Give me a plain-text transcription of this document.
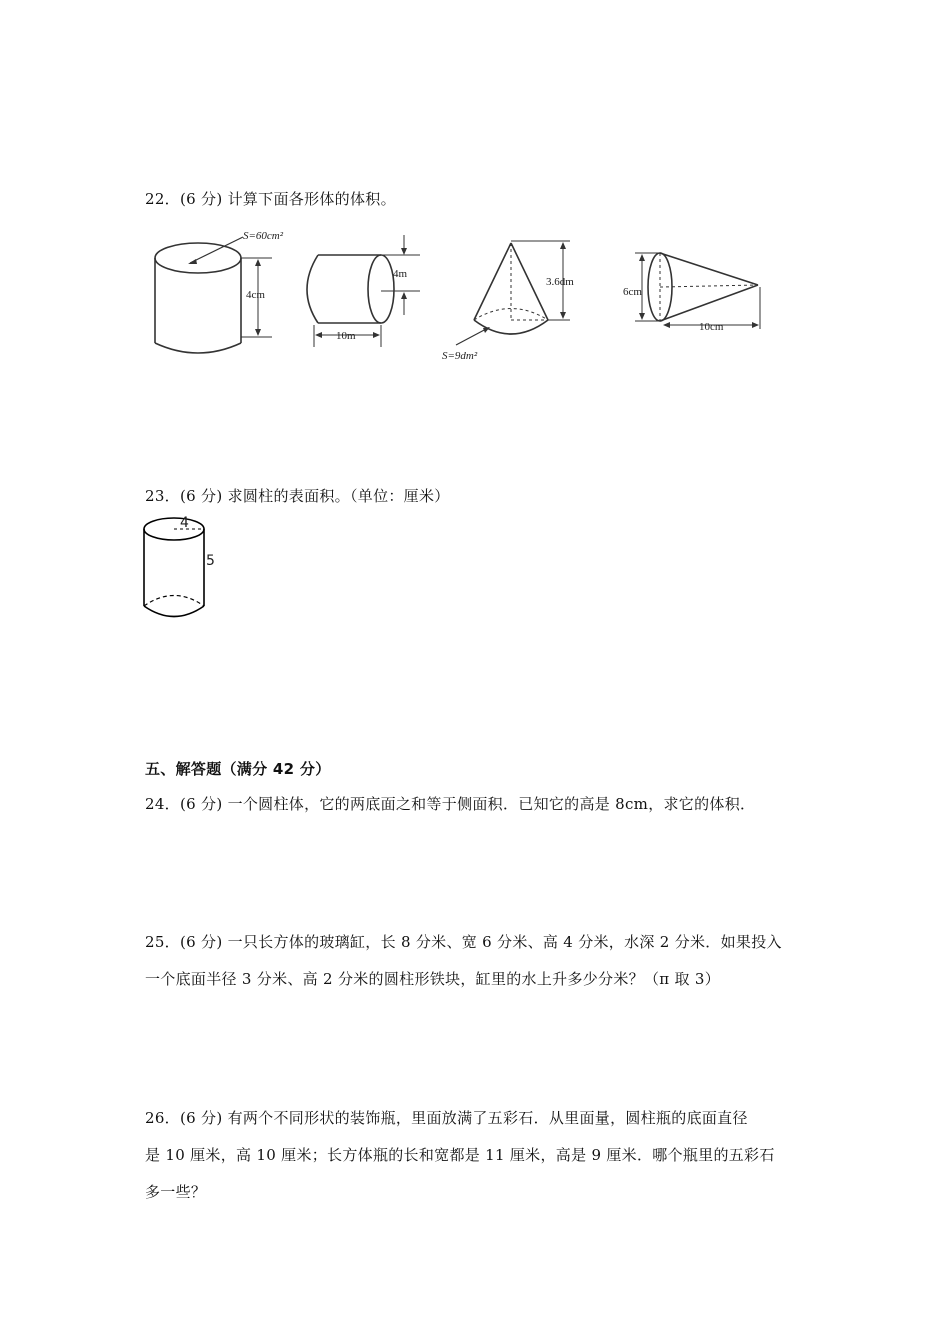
22．(6 分) 计算下面各形体的体积。
S=60cm²
4cm
4m
10m
3.6dm
S=9dm²
6cm
10cm
23．(6 分) 求圆柱的表面积。（单位：厘米）
4
5
五、解答题（满分 42 分）
24．(6 分) 一个圆柱体，它的两底面之和等于侧面积．已知它的高是 8cm，求它的体积．
25．(6 分) 一只长方体的玻璃缸，长 8 分米、宽 6 分米、高 4 分米，水深 2 分米．如果投入
一个底面半径 3 分米、高 2 分米的圆柱形铁块，缸里的水上升多少分米？（π 取 3）
26．(6 分) 有两个不同形状的装饰瓶，里面放满了五彩石．从里面量，圆柱瓶的底面直径
是 10 厘米，高 10 厘米；长方体瓶的长和宽都是 11 厘米，高是 9 厘米．哪个瓶里的五彩石
多一些？
